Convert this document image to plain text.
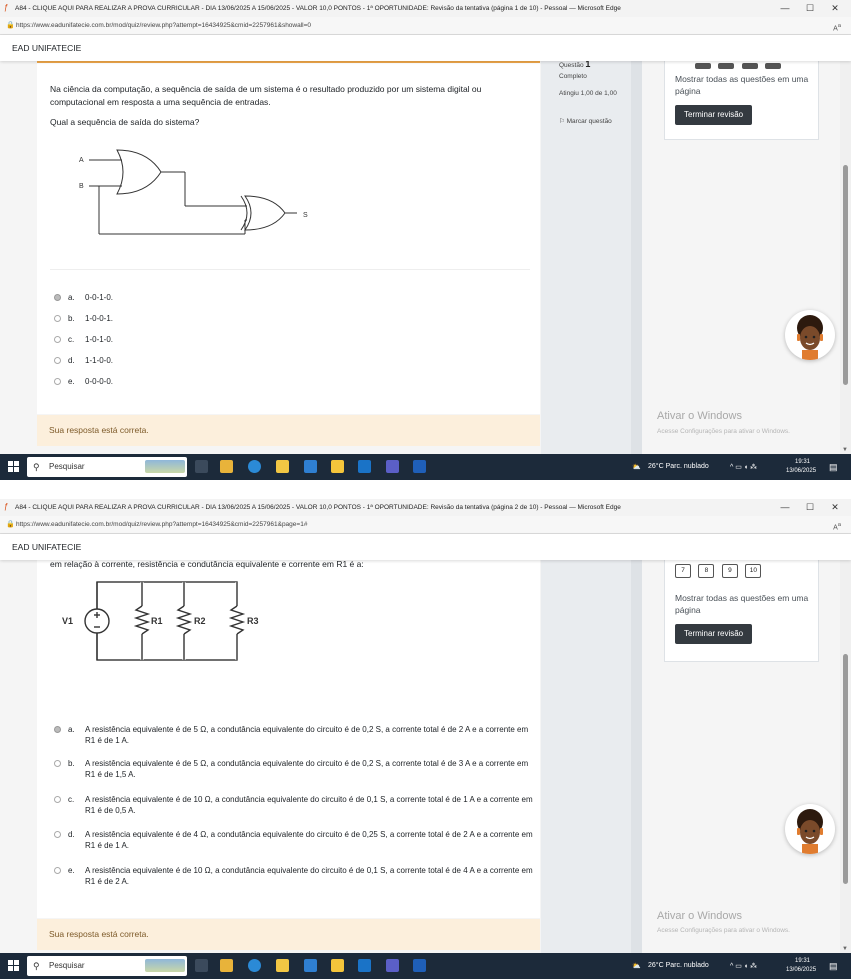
ƒ	A84 - CLIQUE AQUI PARA REALIZAR A PROVA CURRICULAR - DIA 13/06/2025 A 15/06/2025 - VALOR 10,0 PONTOS - 1ª OPORTUNIDADE: Revisão da tentativa (página 1 de 10) - Pessoal — Microsoft Edge	—	☐	✕
🔒 https://www.eadunifatecie.com.br/mod/quiz/review.php?attempt=16434925&cmid=2257961&showall=0	$A^a$
EAD UNIFATECIE
Na ciência da computação, a sequência de saída de um sistema é o resultado produzido por um sistema digital ou computacional em resposta a uma sequência de entradas.
Qual a sequência de saída do sistema?
A
B
S
a. 0-0-1-0.
b. 1-0-0-1.
c. 1-0-1-0.
d. 1-1-0-0.
e. 0-0-0-0.
Sua resposta está correta.
Questão 1
Completo
Atingiu 1,00 de 1,00
⚐ Marcar questão

Mostrar todas as questões em uma página
Terminar revisão
Ativar o Windows
Acesse Configurações para ativar o Windows.
▼
⚲ Pesquisar	⛅ 26°C Parc. nublado	^ ▭ ◖ ⁂
19:31
13/06/2025 ▤
ƒ	A84 - CLIQUE AQUI PARA REALIZAR A PROVA CURRICULAR - DIA 13/06/2025 A 15/06/2025 - VALOR 10,0 PONTOS - 1ª OPORTUNIDADE: Revisão da tentativa (página 2 de 10) - Pessoal — Microsoft Edge	—	☐	✕
🔒 https://www.eadunifatecie.com.br/mod/quiz/review.php?attempt=16434925&cmid=2257961&page=1#	$A^a$
EAD UNIFATECIE
em relação à corrente, resistência e condutância equivalente e corrente em R1 é a:
V1	R1	R2	R3
a. A resistência equivalente é de 5 Ω, a condutância equivalente do circuito é de 0,2 S, a corrente total é de 2 A e a corrente em R1 é de 1 A.
b. A resistência equivalente é de 5 Ω, a condutância equivalente do circuito é de 0,2 S, a corrente total é de 3 A e a corrente em R1 é de 1,5 A.
c. A resistência equivalente é de 10 Ω, a condutância equivalente do circuito é de 0,1 S, a corrente total é de 1 A e a corrente em R1 é de 0,5 A.
d. A resistência equivalente é de 4 Ω, a condutância equivalente do circuito é de 0,25 S, a corrente total é de 2 A e a corrente em R1 é de 1 A.
e. A resistência equivalente é de 10 Ω, a condutância equivalente do circuito é de 0,1 S, a corrente total é de 4 A e a corrente em R1 é de 2 A.
Sua resposta está correta.
7	8	9	10
Mostrar todas as questões em uma página
Terminar revisão
Ativar o Windows
Acesse Configurações para ativar o Windows.
▼
⚲ Pesquisar	⛅ 26°C Parc. nublado	^ ▭ ◖ ⁂
19:31
13/06/2025 ▤
